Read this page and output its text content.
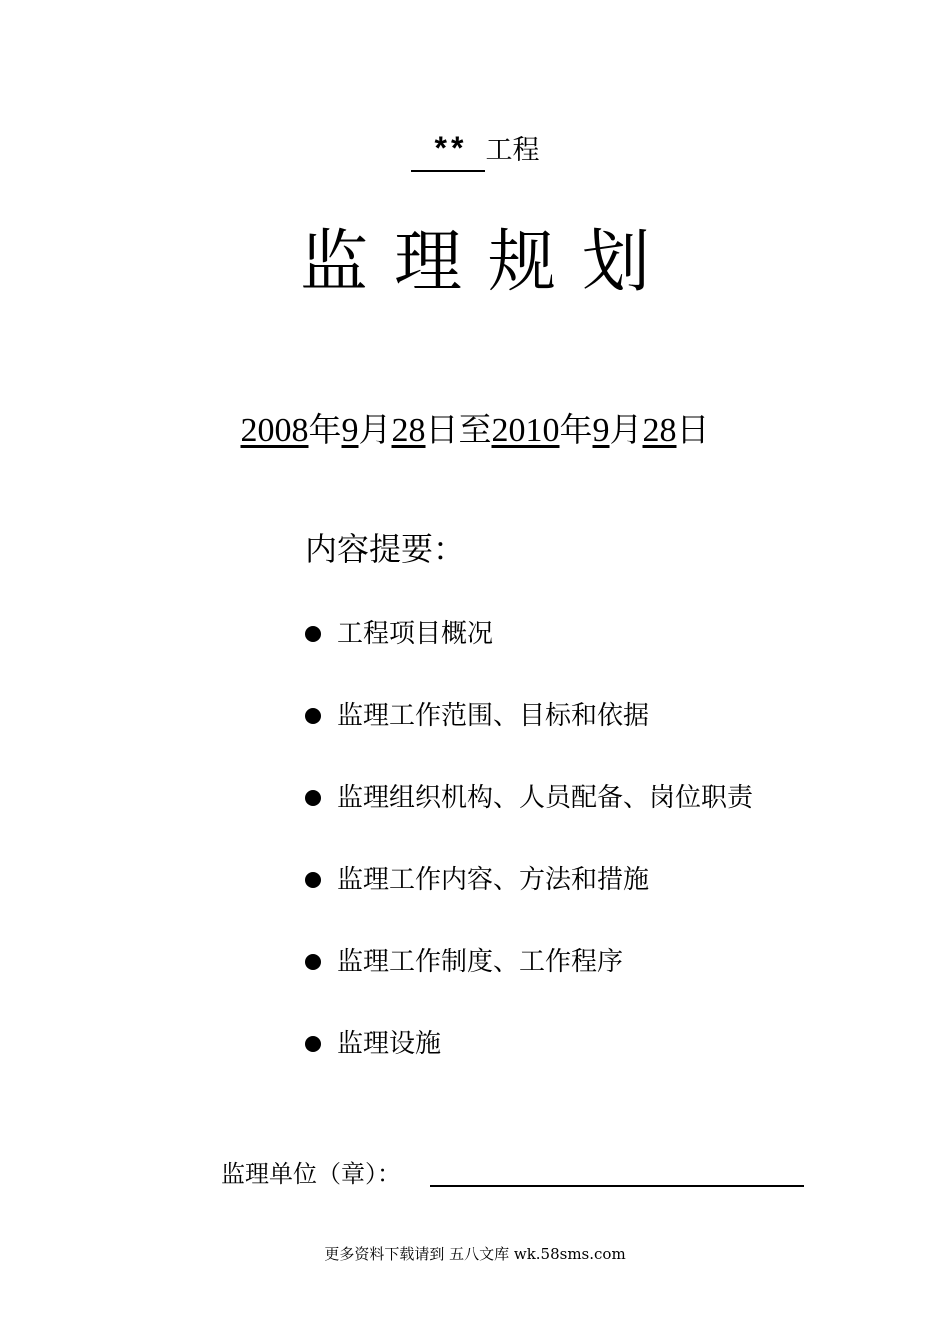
** 工程
监理规划
2008年9月28日至2010年9月28日
内容提要：
工程项目概况
监理工作范围、目标和依据
监理组织机构、人员配备、岗位职责
监理工作内容、方法和措施
监理工作制度、工作程序
监理设施
监理单位（章）：
更多资料下载请到 五八文库 wk.58sms.com
